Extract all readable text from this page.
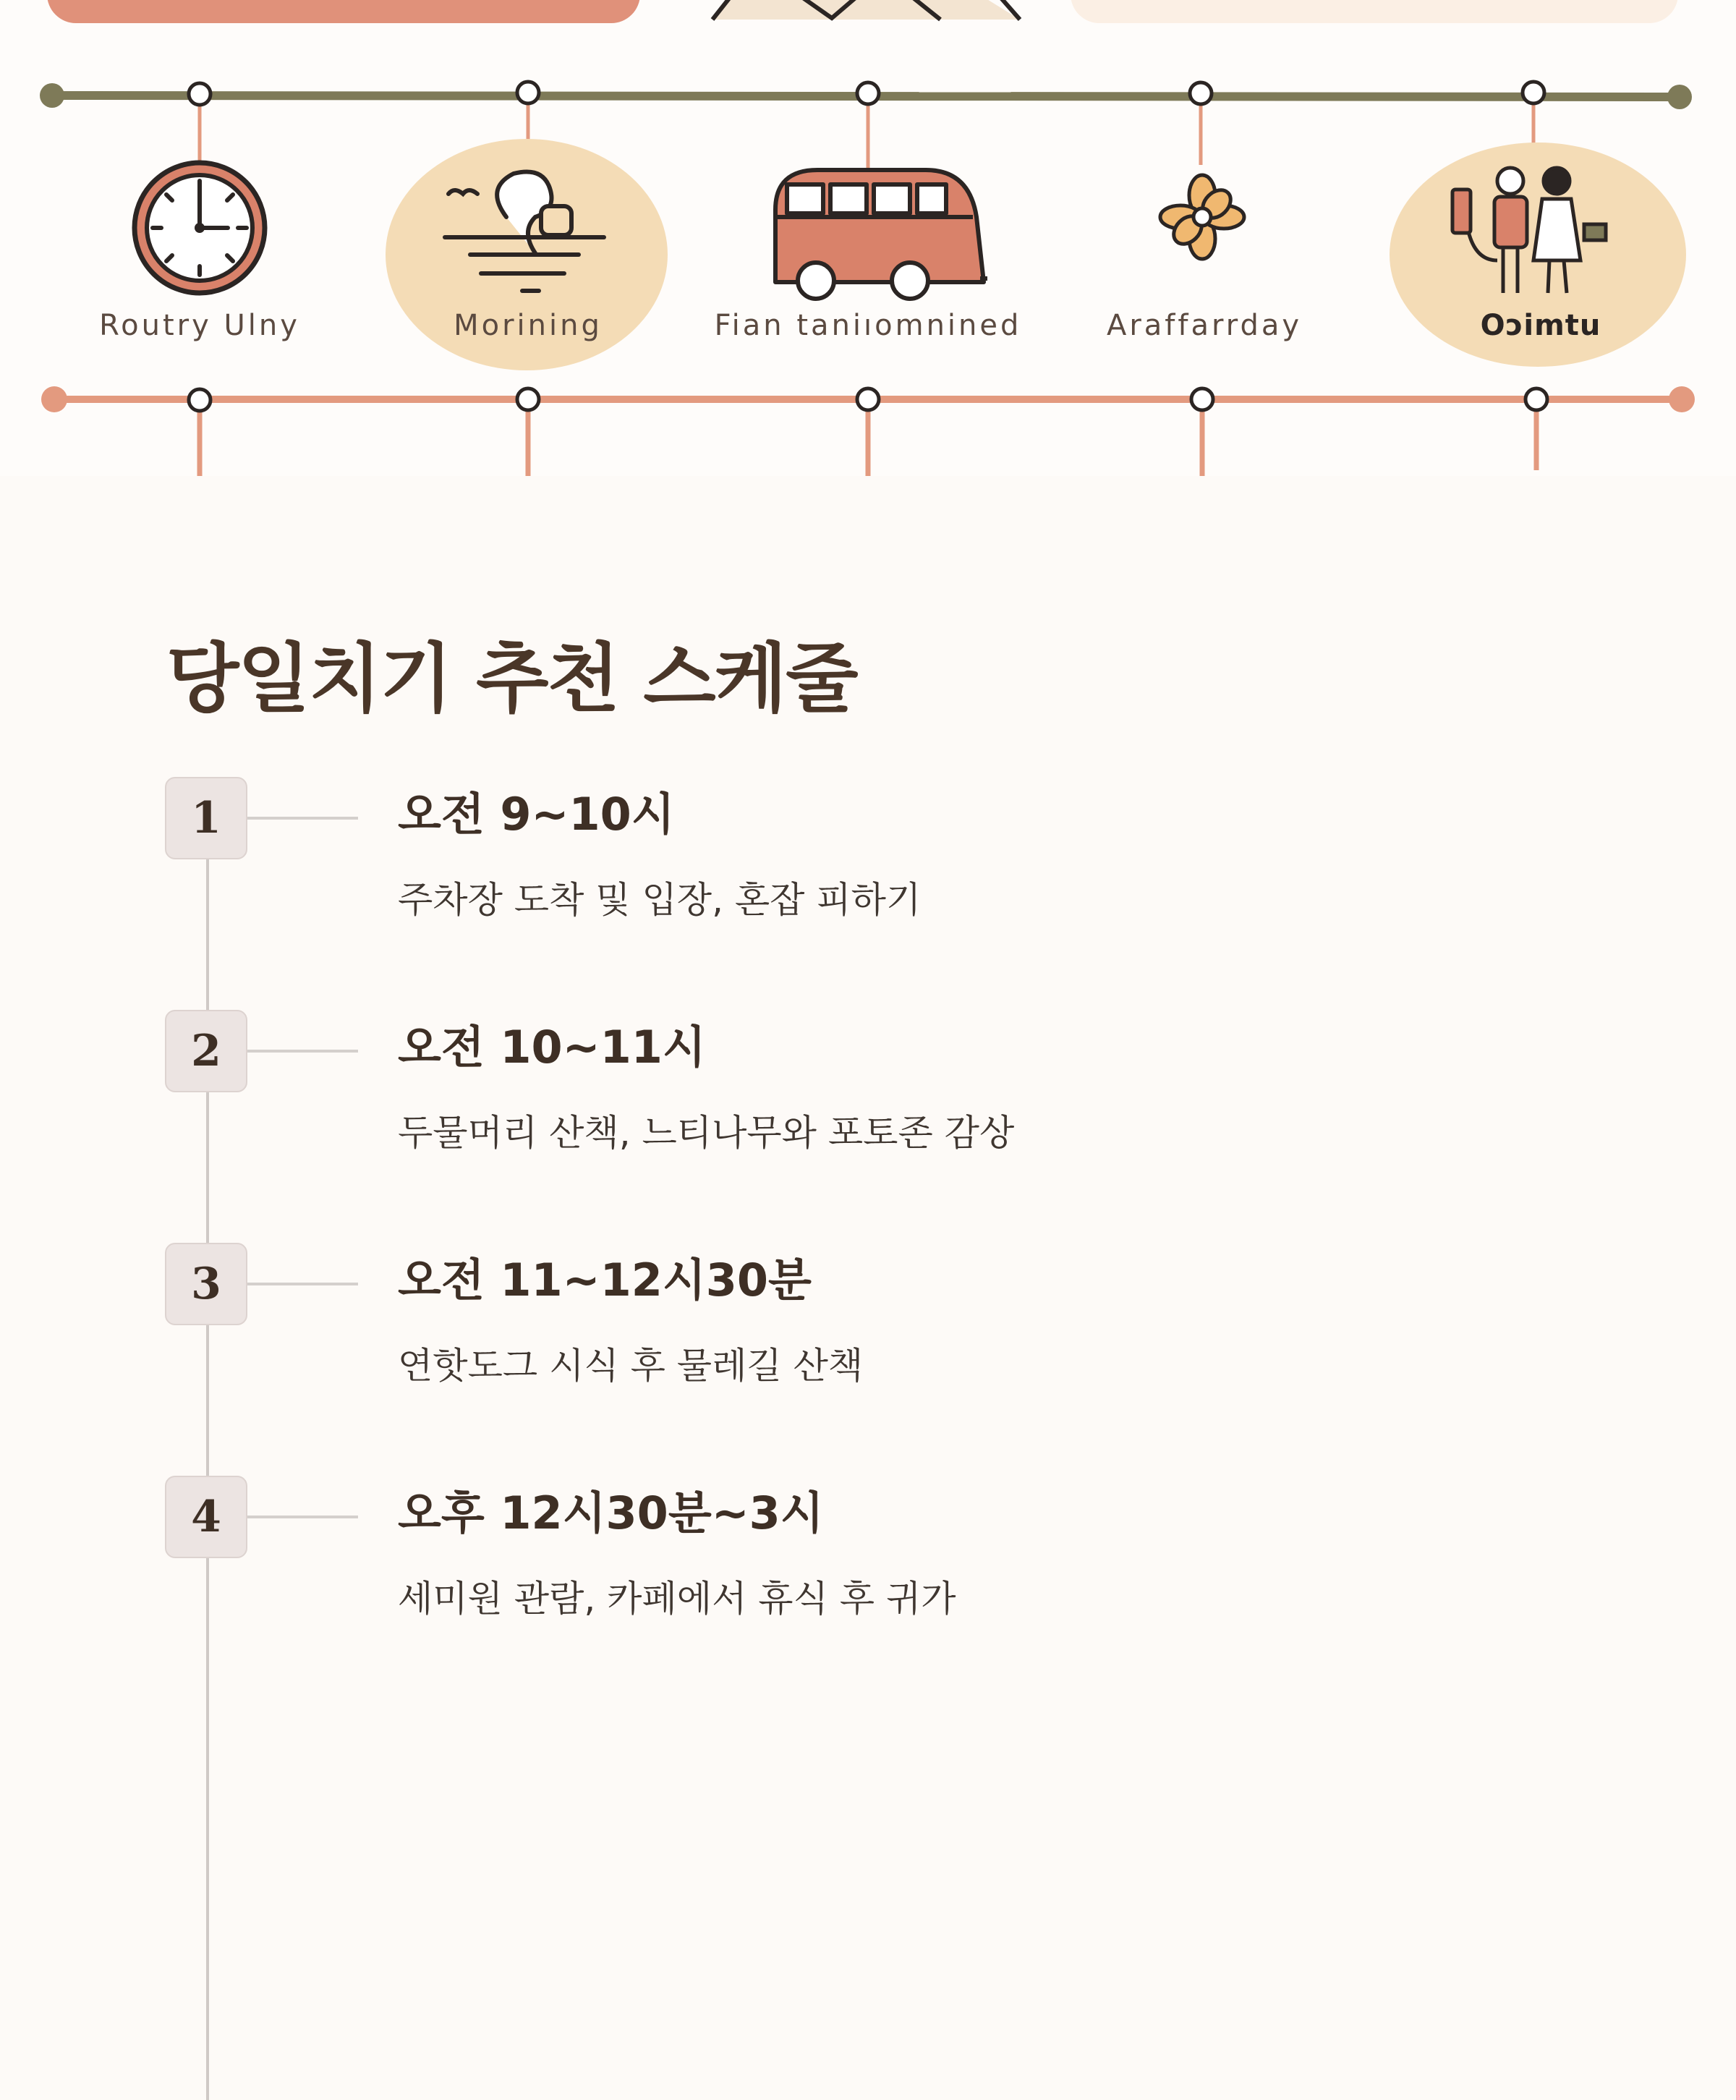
Routry Ulny	Morining	Fian taniıomnined	Araffarrday	Oɔimtu
당일치기 추천 스케줄
1	오전 9~10시

주차장 도착 및 입장, 혼잡 피하기

2	오전 10~11시

두물머리 산책, 느티나무와 포토존 감상

3	오전 11~12시30분

연핫도그 시식 후 물레길 산책

4	오후 12시30분~3시

세미원 관람, 카페에서 휴식 후 귀가
